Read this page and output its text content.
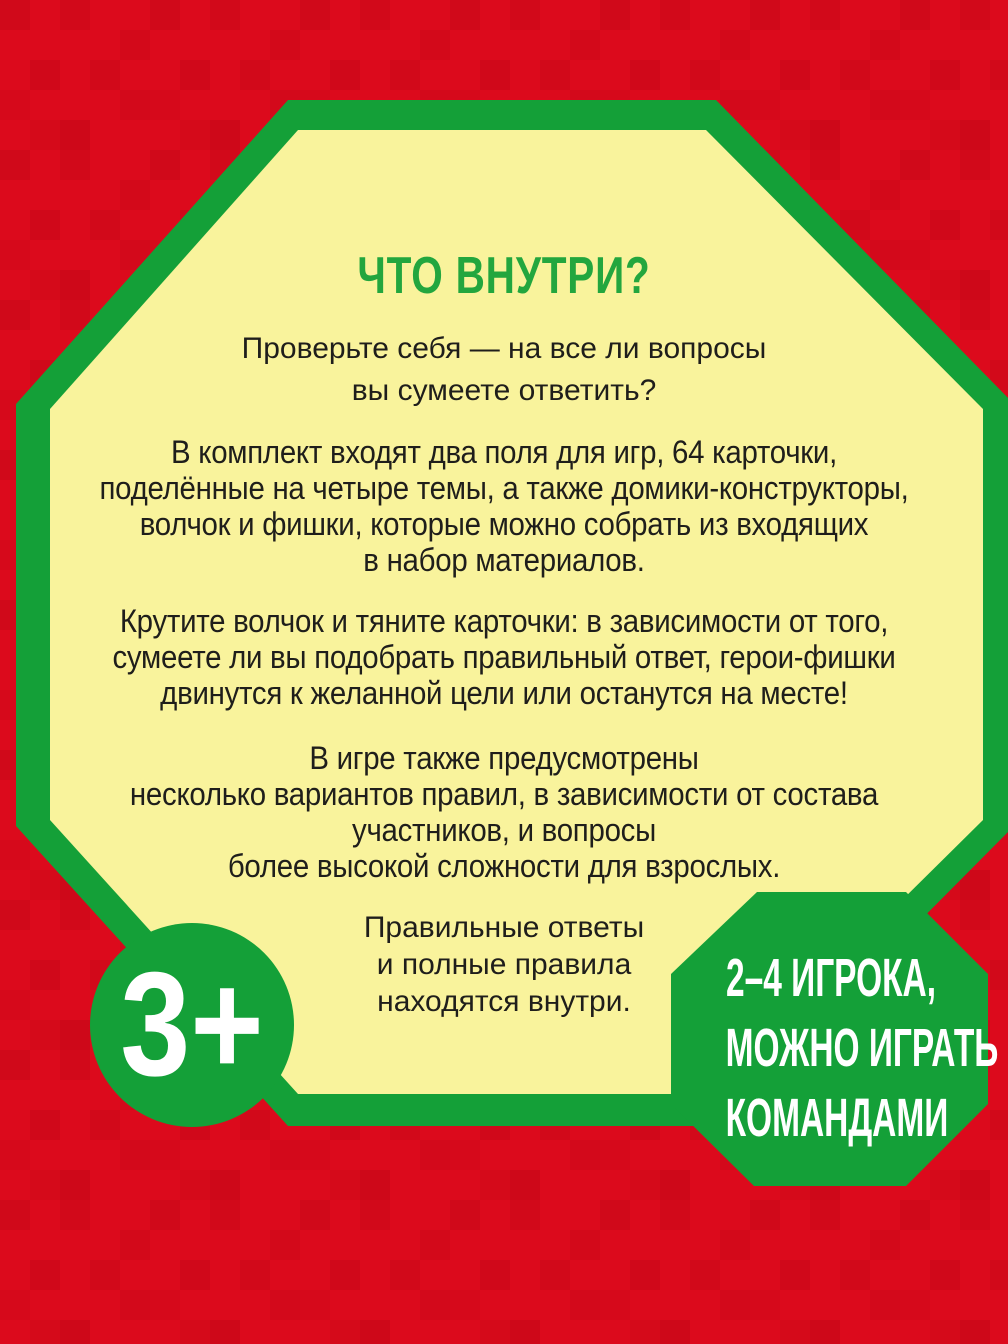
ЧТО ВНУТРИ?
Проверьте себя — на все ли вопросы
вы сумеете ответить?
В комплект входят два поля для игр, 64 карточки,
поделённые на четыре темы, а также домики-конструкторы,
волчок и фишки, которые можно собрать из входящих
в набор материалов.
Крутите волчок и тяните карточки: в зависимости от того,
сумеете ли вы подобрать правильный ответ, герои-фишки
двинутся к желанной цели или останутся на месте!
В игре также предусмотрены
несколько вариантов правил, в зависимости от состава
участников, и вопросы
более высокой сложности для взрослых.
Правильные ответы
и полные правила
находятся внутри.
3+	2–4 ИГРОКА,
МОЖНО ИГРАТЬ
КОМАНДАМИ
